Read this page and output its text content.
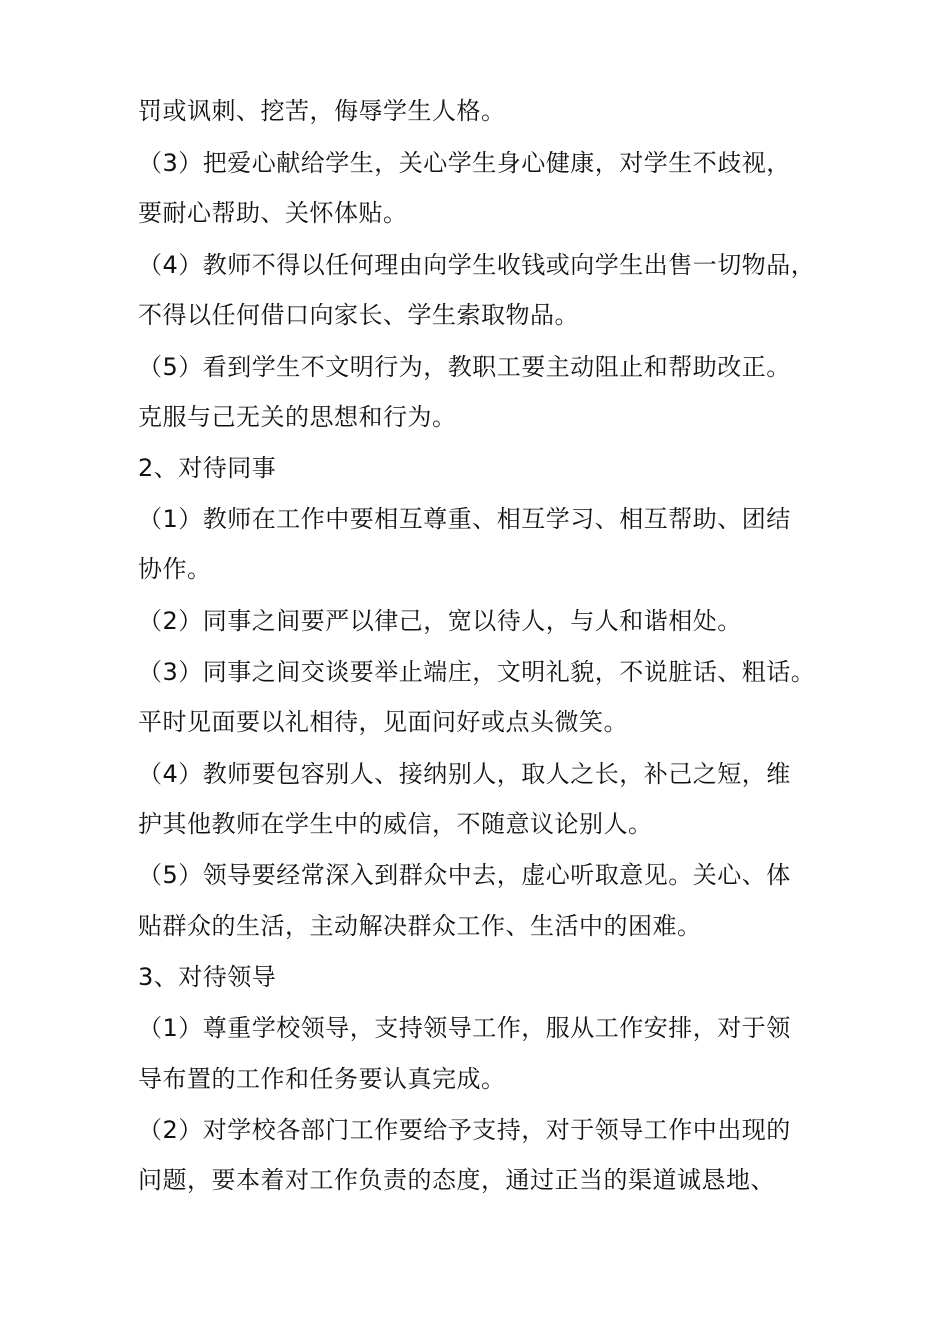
罚或讽刺、挖苦，侮辱学生人格。
（3）把爱心献给学生，关心学生身心健康，对学生不歧视，
要耐心帮助、关怀体贴。
（4）教师不得以任何理由向学生收钱或向学生出售一切物品，
不得以任何借口向家长、学生索取物品。
（5）看到学生不文明行为，教职工要主动阻止和帮助改正。
克服与己无关的思想和行为。
2、对待同事
（1）教师在工作中要相互尊重、相互学习、相互帮助、团结
协作。
（2）同事之间要严以律己，宽以待人，与人和谐相处。
（3）同事之间交谈要举止端庄，文明礼貌，不说脏话、粗话。
平时见面要以礼相待，见面问好或点头微笑。
（4）教师要包容别人、接纳别人，取人之长，补己之短，维
护其他教师在学生中的威信，不随意议论别人。
（5）领导要经常深入到群众中去，虚心听取意见。关心、体
贴群众的生活，主动解决群众工作、生活中的困难。
3、对待领导
（1）尊重学校领导，支持领导工作，服从工作安排，对于领
导布置的工作和任务要认真完成。
（2）对学校各部门工作要给予支持，对于领导工作中出现的
问题，要本着对工作负责的态度，通过正当的渠道诚恳地、
